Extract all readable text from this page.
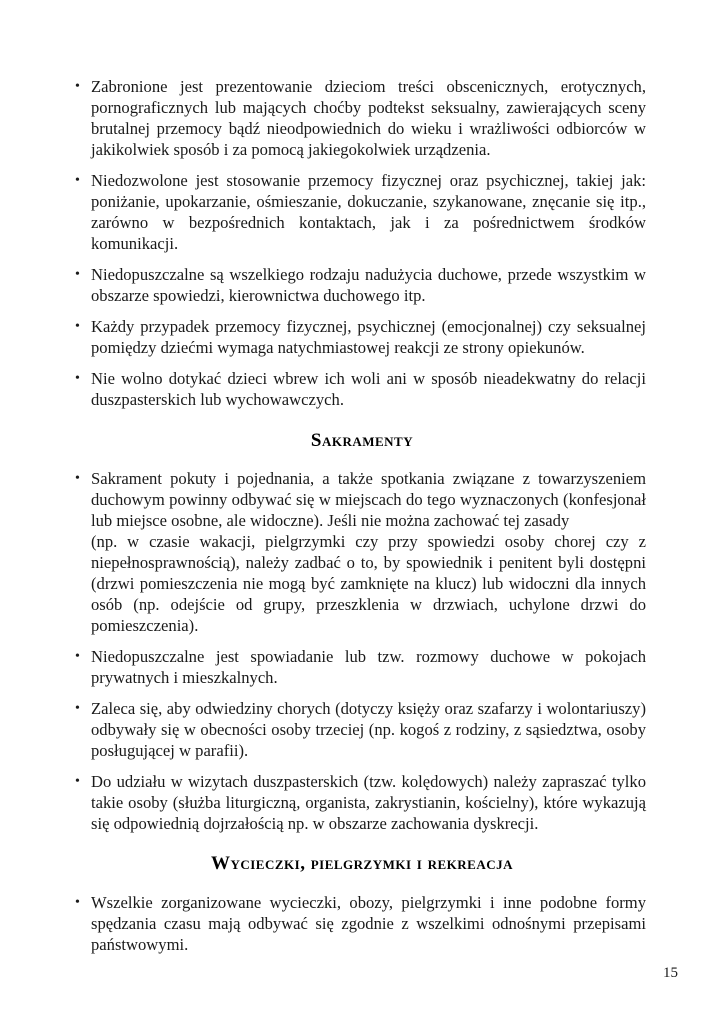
• Zabronione jest prezentowanie dzieciom treści obscenicznych, erotycznych, pornograficznych lub mających choćby podtekst seksualny, zawierających sceny brutalnej przemocy bądź nieodpowiednich do wieku i wrażliwości odbiorców w jakikolwiek sposób i za pomocą jakiegokolwiek urządzenia.
• Niedozwolone jest stosowanie przemocy fizycznej oraz psychicznej, takiej jak: poniżanie, upokarzanie, ośmieszanie, dokuczanie, szykanowane, znęcanie się itp., zarówno w bezpośrednich kontaktach, jak i za pośrednictwem środków komunikacji.
• Niedopuszczalne są wszelkiego rodzaju nadużycia duchowe, przede wszystkim w obszarze spowiedzi, kierownictwa duchowego itp.
• Każdy przypadek przemocy fizycznej, psychicznej (emocjonalnej) czy seksualnej pomiędzy dziećmi wymaga natychmiastowej reakcji ze strony opiekunów.
• Nie wolno dotykać dzieci wbrew ich woli ani w sposób nieadekwatny do relacji duszpasterskich lub wychowawczych.
Sakramenty
• Sakrament pokuty i pojednania, a także spotkania związane z towarzyszeniem duchowym powinny odbywać się w miejscach do tego wyznaczonych (konfesjonał lub miejsce osobne, ale widoczne). Jeśli nie można zachować tej zasady
(np. w czasie wakacji, pielgrzymki czy przy spowiedzi osoby chorej czy z niepełnosprawnością), należy zadbać o to, by spowiednik i penitent byli dostępni (drzwi pomieszczenia nie mogą być zamknięte na klucz) lub widoczni dla innych osób (np. odejście od grupy, przeszklenia w drzwiach, uchylone drzwi do pomieszczenia).
• Niedopuszczalne jest spowiadanie lub tzw. rozmowy duchowe w pokojach prywatnych i mieszkalnych.
• Zaleca się, aby odwiedziny chorych (dotyczy księży oraz szafarzy i wolontariuszy) odbywały się w obecności osoby trzeciej (np. kogoś z rodziny, z sąsiedztwa, osoby posługującej w parafii).
• Do udziału w wizytach duszpasterskich (tzw. kolędowych) należy zapraszać tylko takie osoby (służba liturgiczną, organista, zakrystianin, kościelny), które wykazują się odpowiednią dojrzałością np. w obszarze zachowania dyskrecji.
Wycieczki, pielgrzymki i rekreacja
• Wszelkie zorganizowane wycieczki, obozy, pielgrzymki i inne podobne formy spędzania czasu mają odbywać się zgodnie z wszelkimi odnośnymi przepisami państwowymi.
15
